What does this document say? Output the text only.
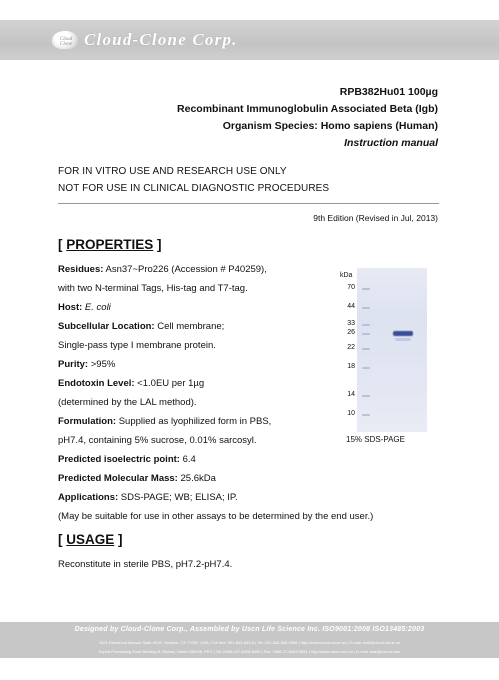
Cloud Clone Cloud-Clone Corp.
RPB382Hu01 100µg
Recombinant Immunoglobulin Associated Beta (Igb)
Organism Species: Homo sapiens (Human)
Instruction manual
FOR IN VITRO USE AND RESEARCH USE ONLY
NOT FOR USE IN CLINICAL DIAGNOSTIC PROCEDURES
9th Edition (Revised in Jul, 2013)
[ PROPERTIES ]
Residues: Asn37~Pro226 (Accession # P40259),
with two N-terminal Tags, His-tag and T7-tag.
Host: E. coli
Subcellular Location: Cell membrane;
Single-pass type I membrane protein.
Purity: >95%
Endotoxin Level: <1.0EU per 1µg
(determined by the LAL method).
Formulation: Supplied as lyophilized form in PBS,
pH7.4, containing 5% sucrose, 0.01% sarcosyl.
Predicted isoelectric point: 6.4
Predicted Molecular Mass: 25.6kDa
Applications: SDS-PAGE; WB; ELISA; IP.
(May be suitable for use in other assays to be determined by the end user.)
kDa
70
44
33
26
22
18
14
10
15% SDS-PAGE
[ USAGE ]
Reconstitute in sterile PBS, pH7.2-pH7.4.
Designed by Cloud-Clone Corp., Assembled by Uscn Life Science Inc. ISO9001:2008 ISO13485:2003
1521 Richmond Avenue Suite #918, Houston, TX 77057, USA | Toll free: 001-800-843-8 | Tel: 001-832-538-0958 | http://www.cloud-clone.us | E-mail: mail@cloud-clone.us
Export Processing Zone Building 8, Wuhan, Hubei 430056, PRC | Tel: 0086-027-8425-8490 | Fax: 0086-27-8425-9551 | http://www.uscn.com.cn | E-mail: mail@uscnk.com
